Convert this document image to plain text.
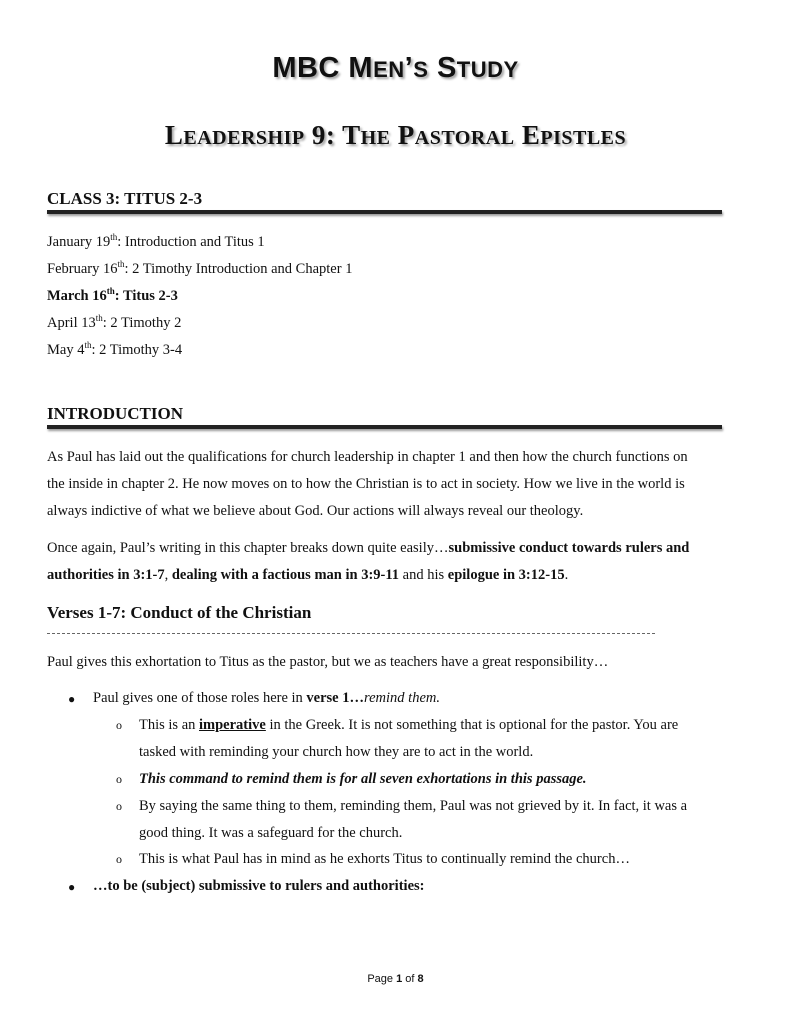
MBC MEN’S STUDY
LEADERSHIP 9: THE PASTORAL EPISTLES
CLASS 3: TITUS 2-3
January 19th: Introduction and Titus 1
February 16th: 2 Timothy Introduction and Chapter 1
March 16th: Titus 2-3
April 13th: 2 Timothy 2
May 4th: 2 Timothy 3-4
INTRODUCTION
As Paul has laid out the qualifications for church leadership in chapter 1 and then how the church functions on
the inside in chapter 2. He now moves on to how the Christian is to act in society. How we live in the world is
always indictive of what we believe about God. Our actions will always reveal our theology.
Once again, Paul’s writing in this chapter breaks down quite easily…submissive conduct towards rulers and
authorities in 3:1-7, dealing with a factious man in 3:9-11 and his epilogue in 3:12-15.
Verses 1-7: Conduct of the Christian
Paul gives this exhortation to Titus as the pastor, but we as teachers have a great responsibility…
● Paul gives one of those roles here in verse 1…remind them.
o This is an imperative in the Greek. It is not something that is optional for the pastor. You are
tasked with reminding your church how they are to act in the world.
o This command to remind them is for all seven exhortations in this passage.
o By saying the same thing to them, reminding them, Paul was not grieved by it. In fact, it was a
good thing. It was a safeguard for the church.
o This is what Paul has in mind as he exhorts Titus to continually remind the church…
● …to be (subject) submissive to rulers and authorities:
Page 1 of 8
